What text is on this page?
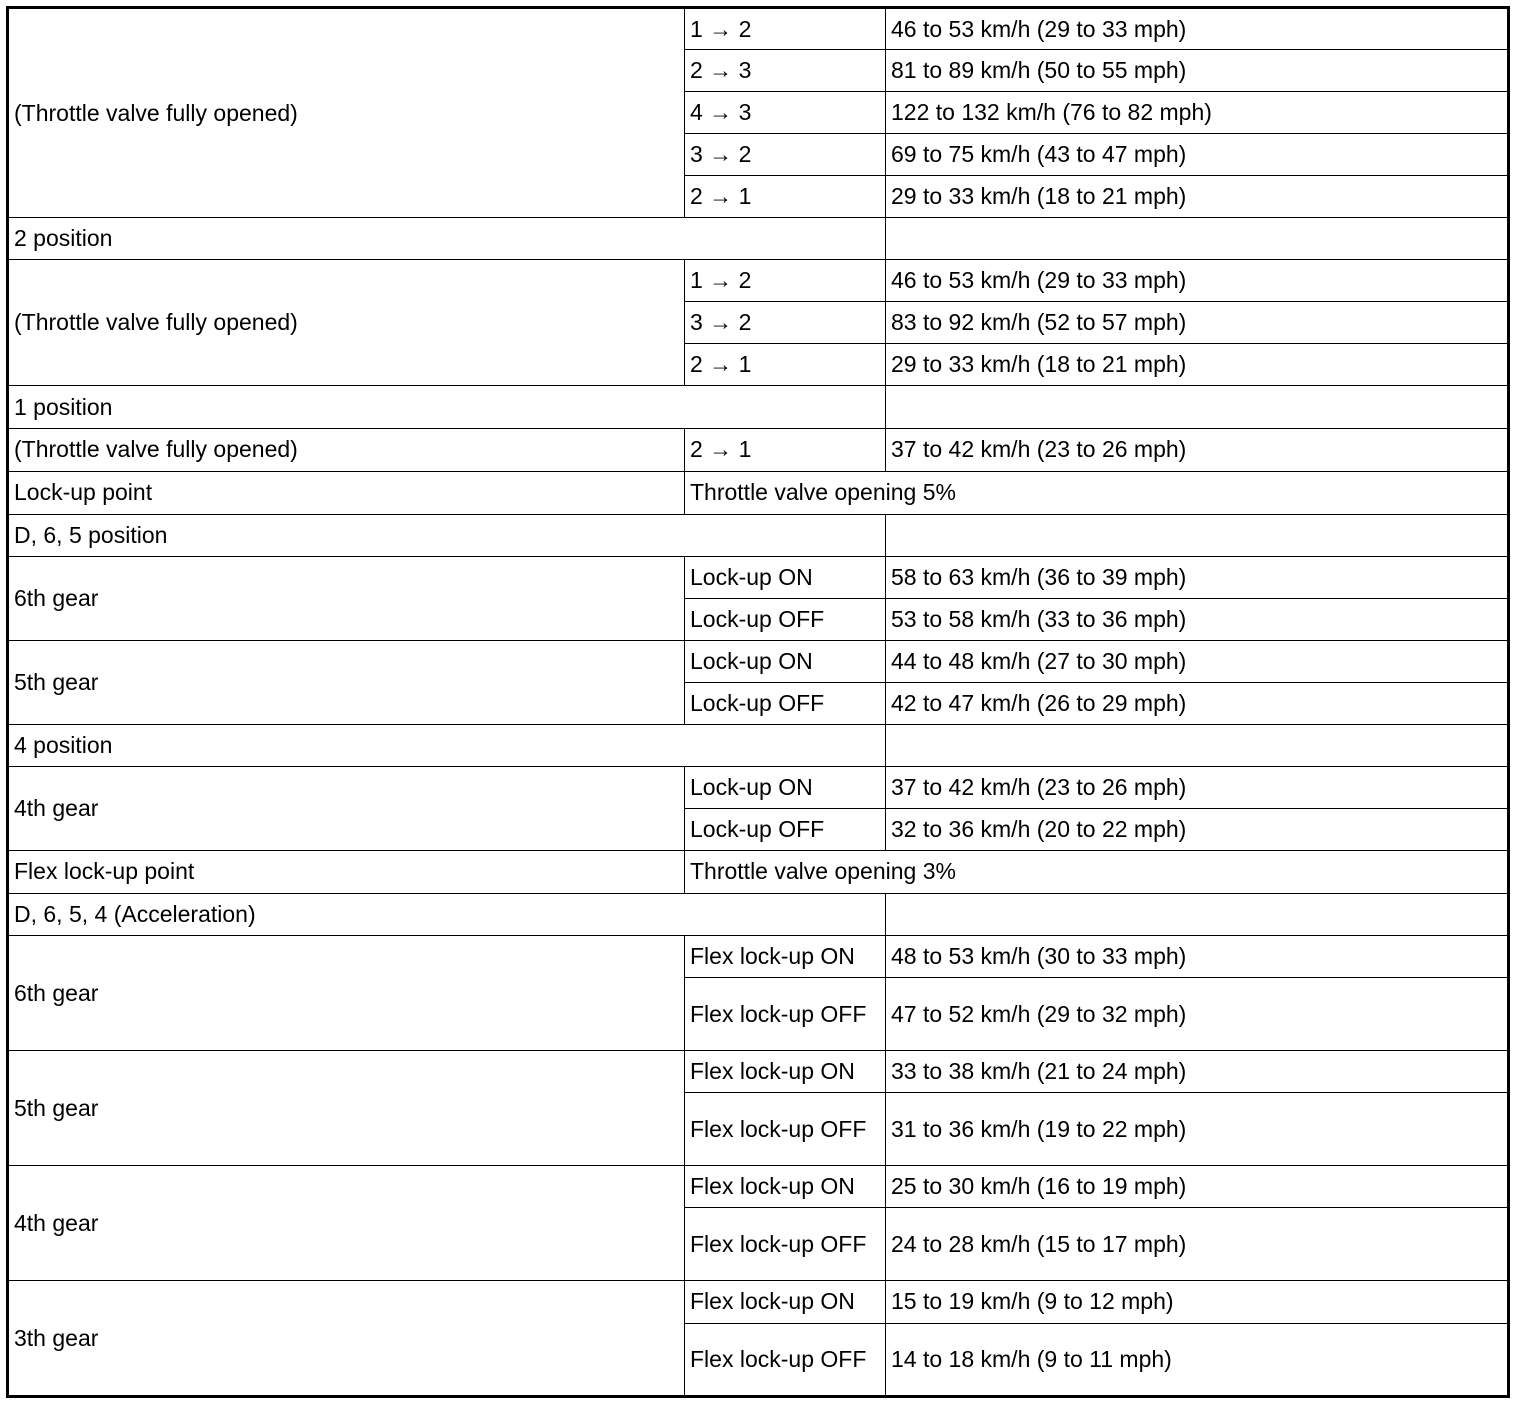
(Throttle valve fully opened)	1 → 2	46 to 53 km/h (29 to 33 mph)
	2 → 3	81 to 89 km/h (50 to 55 mph)
	4 → 3	122 to 132 km/h (76 to 82 mph)
	3 → 2	69 to 75 km/h (43 to 47 mph)
	2 → 1	29 to 33 km/h (18 to 21 mph)
2 position		
(Throttle valve fully opened)	1 → 2	46 to 53 km/h (29 to 33 mph)
	3 → 2	83 to 92 km/h (52 to 57 mph)
	2 → 1	29 to 33 km/h (18 to 21 mph)
1 position		
(Throttle valve fully opened)	2 → 1	37 to 42 km/h (23 to 26 mph)
Lock-up point	Throttle valve opening 5%	
D, 6, 5 position		
6th gear	Lock-up ON	58 to 63 km/h (36 to 39 mph)
	Lock-up OFF	53 to 58 km/h (33 to 36 mph)
5th gear	Lock-up ON	44 to 48 km/h (27 to 30 mph)
	Lock-up OFF	42 to 47 km/h (26 to 29 mph)
4 position		
4th gear	Lock-up ON	37 to 42 km/h (23 to 26 mph)
	Lock-up OFF	32 to 36 km/h (20 to 22 mph)
Flex lock-up point	Throttle valve opening 3%	
D, 6, 5, 4 (Acceleration)		
6th gear	Flex lock-up ON	48 to 53 km/h (30 to 33 mph)
	Flex lock-up OFF	47 to 52 km/h (29 to 32 mph)
5th gear	Flex lock-up ON	33 to 38 km/h (21 to 24 mph)
	Flex lock-up OFF	31 to 36 km/h (19 to 22 mph)
4th gear	Flex lock-up ON	25 to 30 km/h (16 to 19 mph)
	Flex lock-up OFF	24 to 28 km/h (15 to 17 mph)
3th gear	Flex lock-up ON	15 to 19 km/h (9 to 12 mph)
	Flex lock-up OFF	14 to 18 km/h (9 to 11 mph)
